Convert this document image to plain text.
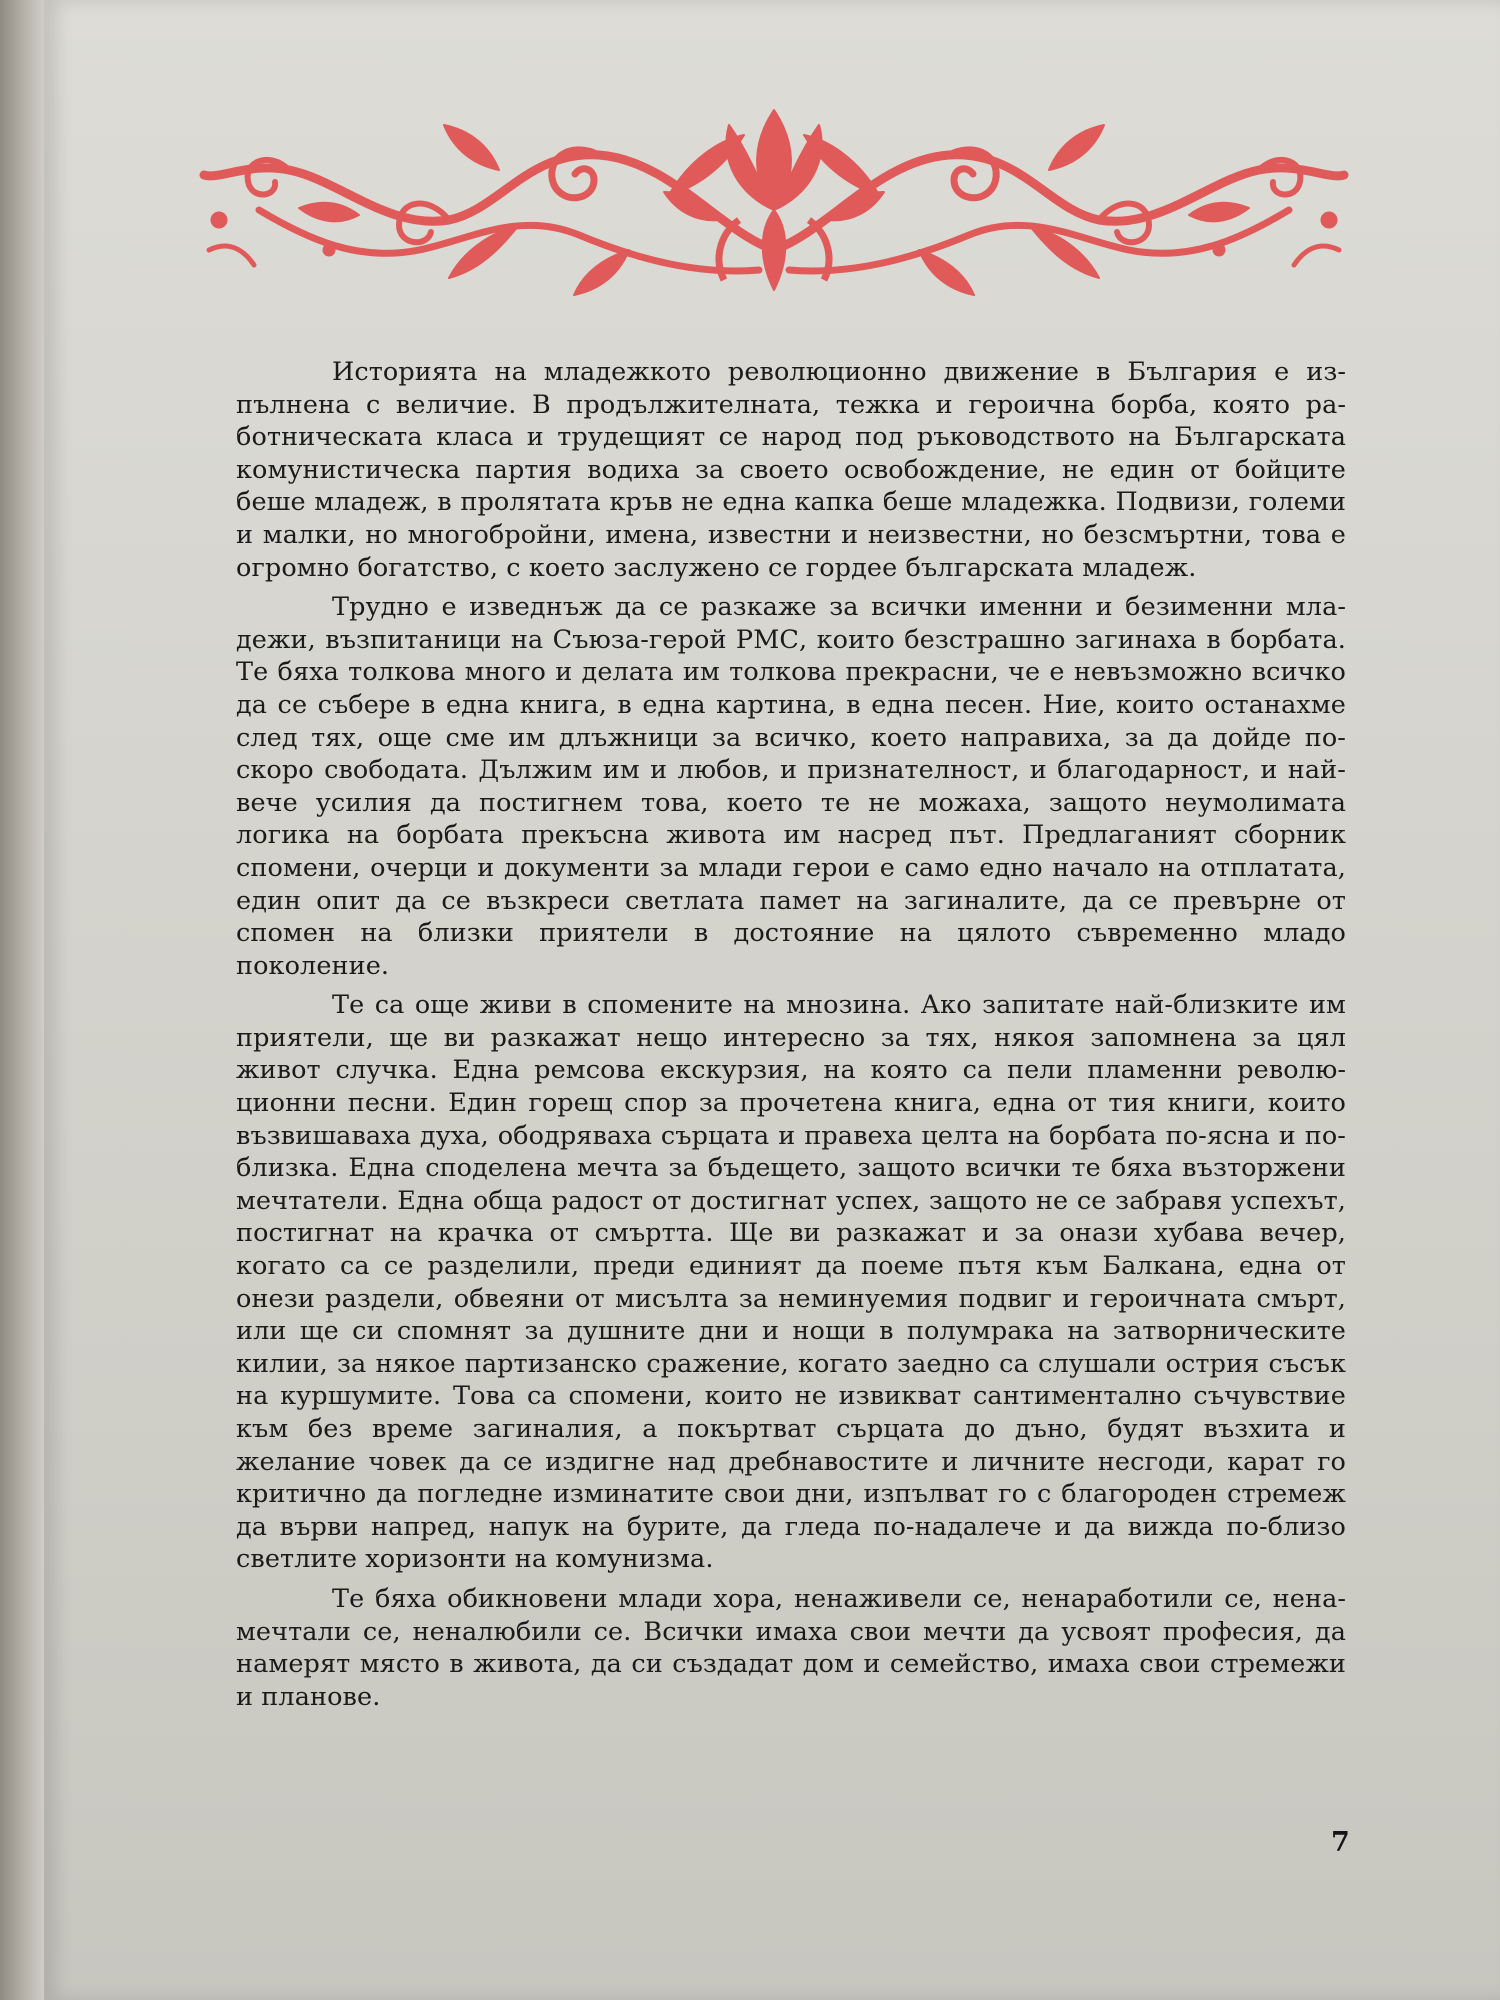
Историята на младежкото революционно движение в България е изпълнена с величие. В продължителната, тежка и героична борба, която работническата класа и трудещият се народ под ръководството на Българската комунистическа партия водиха за своето освобождение, не един от бойците беше младеж, в пролятата кръв не една капка беше младежка. Подвизи, големи и малки, но многобройни, имена, известни и неизвестни, но безсмъртни, това е огромно богатство, с което заслужено се гордее българската младеж.

Трудно е изведнъж да се разкаже за всички именни и безименни младежи, възпитаници на Съюза-герой РМС, които безстрашно загинаха в борбата. Те бяха толкова много и делата им толкова прекрасни, че е невъзможно всичко да се събере в една книга, в една картина, в една песен. Ние, които останахме след тях, още сме им длъжници за всичко, което направиха, за да дойде по-скоро свободата. Дължим им и любов, и признателност, и благодарност, и най-вече усилия да постигнем това, което те не можаха, защото неумолимата логика на борбата прекъсна живота им насред път. Предлаганият сборник спомени, очерци и документи за млади герои е само едно начало на отплатата, един опит да се възкреси светлата памет на загиналите, да се превърне от спомен на близки приятели в достояние на цялото съвременно младо поколение.

Те са още живи в спомените на мнозина. Ако запитате най-близките им приятели, ще ви разкажат нещо интересно за тях, някоя запомнена за цял живот случка. Една ремсова екскурзия, на която са пели пламенни революционни песни. Един горещ спор за прочетена книга, една от тия книги, които възвишаваха духа, ободряваха сърцата и правеха целта на борбата по-ясна и по-близка. Една споделена мечта за бъдещето, защото всички те бяха възторжени мечтатели. Една обща радост от достигнат успех, защото не се забравя успехът, постигнат на крачка от смъртта. Ще ви разкажат и за онази хубава вечер, когато са се разделили, преди единият да поеме пътя към Балкана, една от онези раздели, обвеяни от мисълта за неминуемия подвиг и героичната смърт, или ще си спомнят за душните дни и нощи в полумрака на затворническите килии, за някое партизанско сражение, когато заедно са слушали острия съсък на куршумите. Това са спомени, които не извикват сантиментално съчувствие към без време загиналия, а покъртват сърцата до дъно, будят възхита и желание човек да се издигне над дребнавостите и личните несгоди, карат го критично да погледне изминатите свои дни, изпълват го с благороден стремеж да върви напред, напук на бурите, да гледа по-надалече и да вижда по-близо светлите хоризонти на комунизма.

Те бяха обикновени млади хора, ненаживели се, ненаработили се, ненамечтали се, неналюбили се. Всички имаха свои мечти да усвоят професия, да намерят място в живота, да си създадат дом и семейство, имаха свои стремежи и планове.

7
